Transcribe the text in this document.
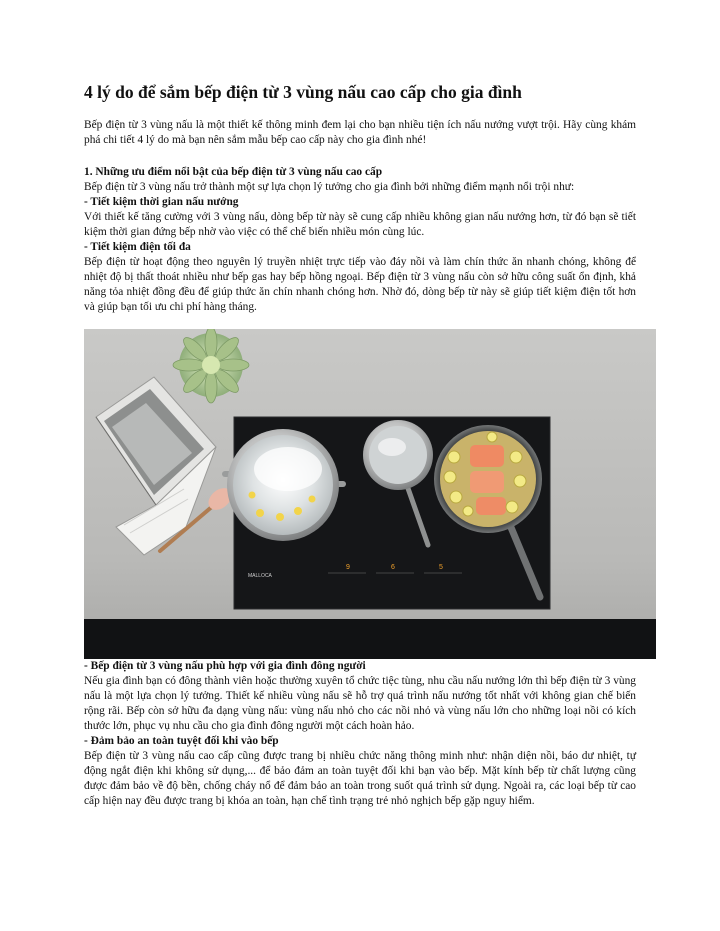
4 lý do để sắm bếp điện từ 3 vùng nấu cao cấp cho gia đình

Bếp điện từ 3 vùng nấu là một thiết kế thông minh đem lại cho bạn nhiều tiện ích nấu nướng vượt trội. Hãy cùng khám phá chi tiết 4 lý do mà bạn nên sắm mẫu bếp cao cấp này cho gia đình nhé!

1. Những ưu điểm nổi bật của bếp điện từ 3 vùng nấu cao cấp

Bếp điện từ 3 vùng nấu trở thành một sự lựa chọn lý tưởng cho gia đình bởi những điểm mạnh nổi trội như:

- Tiết kiệm thời gian nấu nướng

Với thiết kế tăng cường với 3 vùng nấu, dòng bếp từ này sẽ cung cấp nhiều không gian nấu nướng hơn, từ đó bạn sẽ tiết kiệm thời gian đứng bếp nhờ vào việc có thể chế biến nhiều món cùng lúc.

- Tiết kiệm điện tối đa

Bếp điện từ hoạt động theo nguyên lý truyền nhiệt trực tiếp vào đáy nồi và làm chín thức ăn nhanh chóng, không để nhiệt độ bị thất thoát nhiều như bếp gas hay bếp hồng ngoại. Bếp điện từ 3 vùng nấu còn sở hữu công suất ổn định, khả năng tỏa nhiệt đồng đều để giúp thức ăn chín nhanh chóng hơn. Nhờ đó, dòng bếp từ này sẽ giúp tiết kiệm điện tốt hơn và giúp bạn tối ưu chi phí hàng tháng.

- Bếp điện từ 3 vùng nấu phù hợp với gia đình đông người

Nếu gia đình bạn có đông thành viên hoặc thường xuyên tổ chức tiệc tùng, nhu cầu nấu nướng lớn thì bếp điện từ 3 vùng nấu là một lựa chọn lý tưởng. Thiết kế nhiều vùng nấu sẽ hỗ trợ quá trình nấu nướng tốt nhất với không gian chế biến rộng rãi. Bếp còn sở hữu đa dạng vùng nấu: vùng nấu nhỏ cho các nồi nhỏ và vùng nấu lớn cho những loại nồi có kích thước lớn, phục vụ nhu cầu cho gia đình đông người một cách hoàn hảo.

- Đảm bảo an toàn tuyệt đối khi vào bếp

Bếp điện từ 3 vùng nấu cao cấp cũng được trang bị nhiều chức năng thông minh như: nhận diện nồi, báo dư nhiệt, tự động ngắt điện khi không sử dụng,... để bảo đảm an toàn tuyệt đối khi bạn vào bếp. Mặt kính bếp từ chất lượng cũng được đảm bảo về độ bền, chống cháy nổ để đảm bảo an toàn trong suốt quá trình sử dụng. Ngoài ra, các loại bếp từ cao cấp hiện nay đều được trang bị khóa an toàn, hạn chế tình trạng trẻ nhỏ nghịch bếp gặp nguy hiểm.

MALLOCA
9	6	5
